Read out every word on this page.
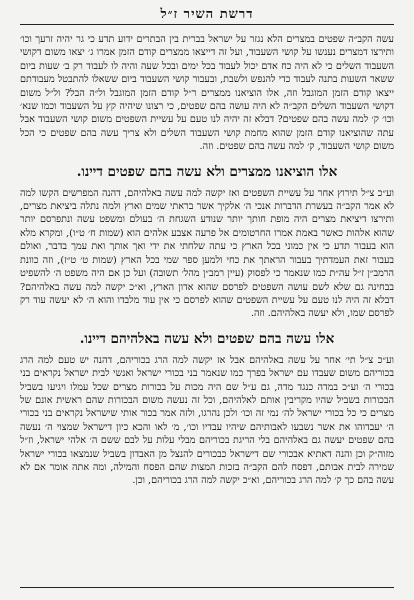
דרשת השיר ז״ל

עשה הקב״ה שפטים במצרים הלא נגזר על ישראל בברית בין הבתרים ידוע תדע כי גר יהיה זרעך וכו׳ ותירצו דמצרים נענשו על קושי השעבוד, ועל זה דייצאו ממצרים קודם הזמן אמרו ג׳ יצאו משום דקושי השעבוד השלים כי לא היה כח אדם יכול לעבוד בכל ימים ובכל שעה והיה לו לעבוד רק ב׳ שעות ביום ששאר השעות בתנה לעבוד כדי להנפש ולשבת, ובעבור קושי השעבוד ביום ששאלו להתבטל מעבודתם ייצאו קודם הזמן המוגבל וזה, אלו הוציאנו ממצרים ר״ל קודם הזמן המוגבל ול״ה הבל? ול״ל משום דקושי השעבוד השלים הקב״ה לא היה עושה בהם שפטים, כי רצונו שיהיה קץ על השעבוד וכמו שנא׳ וכו׳ ק׳ למה עשה בהם שפטים? דבלא זה יהיה לנו טעם על עשיית השפטים משום קושי השעבוד אבל עתה שהוציאנו קודם הזמן שהוא מחמת קושי השעבוד השלים ולא צריך עשה בהם שפטים כי הכל משום קושי השעבוד, ק׳ למה עשה בהם שפטים. וזה.

אלו הוציאנו ממצרים ולא עשה בהם שפטים דיינו.

וע״כ צ״ל תירוץ אחר על עשיית השפטים ואז יקשה למה עשה באלהיהם, דהנה המפרשים הקשו למה לא אמר הקב״ה בעשרת הדברות אנכי ה׳ אלקיך אשר בראתי שמים וארץ ולמה נתלה ביציאת מצרים, ותירצו דיציאת מצרים היה מופת חותך יותר שנודע השגחת ה׳ בעולם ומשפט עשה ונתפרסם יותר שהוא אלהות כאשר באמת אמרו החרטומים אל פרעה אצבע אלהים הוא (שמות ח׳ ט״ו), ומקרא מלא הוא בעבור תדע כי אין כמוני בכל הארץ כי עתה שלחתי את ידי ואך אותך ואת עמך בדבר, ואולם בעבור זאת העמדתיך בעבור הראתך את כחי ולמען ספר שמי בכל הארץ (שמות ט׳ ט״ז), וזה כוונת הרמב״ן ז״ל עה״ת כמו שנאמר כי לפסוק (עיין רמב״ן מהל׳ תשובה) ועל כן אם היה משפט ה׳ להשפיט בבחינה גם שלא לשם עושה השפטים לפרסם שהוא אדון הארץ, וא״כ יקשה למה עשה באלהיהם? דבלא זה היה לנו טעם על עשיית השפטים שהוא לפרסם כי אין עוד מלבדו והוא ה׳ לא יעשה עוד רק לפרסם שמו, ולא יעשה באלהיהם. וזה.

אלו עשה בהם שפטים ולא עשה באלהיהם דיינו.

וע״כ צ״ל תי׳ אחר על עשה באלהיהם אבל אז יקשה למה הרג בכוריהם, דהנה יש טעם למה הרג בכוריהם משום שעבדו עם ישראל בפרך כמו שנאמר בני בכורי ישראל ואנשי לבית ישראל נקראים בני בכורי ה׳ וע״כ במדה כנגד מדה, גם ע״ל שם היה מכות על בכורות מצרים שכל עמלו ויגיעו בשביל הבכורות בשביל שהיו מקריבין אותם לאלהיהם, וכל זה נעשה משום הבכורות שהם ראשית אונם של מצרים כי כל בכורי ישראל לה׳ נמי זה וכו׳ ולכן נהרגו, ולזה אמר בכור אותי שישראל נקראים בני בכורי ה׳ יעבדוהו את אשר נשבעו לאבותיהם שיהיו עבדיו וכו׳, מ׳ לאו והכא כיון דישראל שמצוי ה׳ נעשה בהם שפטים יעשה גם באלהיהם בלי הריגת בכוריהם מבלי עלות על לבם ששם ה׳ אלהי ישראל, וז״ל מזוה״ק וכן והנה דאתיא אבכורי שם דישראל כבכורים להנצל מן האבדון בשביל שנמצאו בכורי ישראל שמירה לבית אבותם, דפסח להם הקב״ה בזכות המצות שהם הפסח והמילה, ומה אתה אומר אם לא עשה בהם כך ק׳ למה הרג בכוריהם, וא״כ יקשה למה הרג בכוריהם, וכן.
